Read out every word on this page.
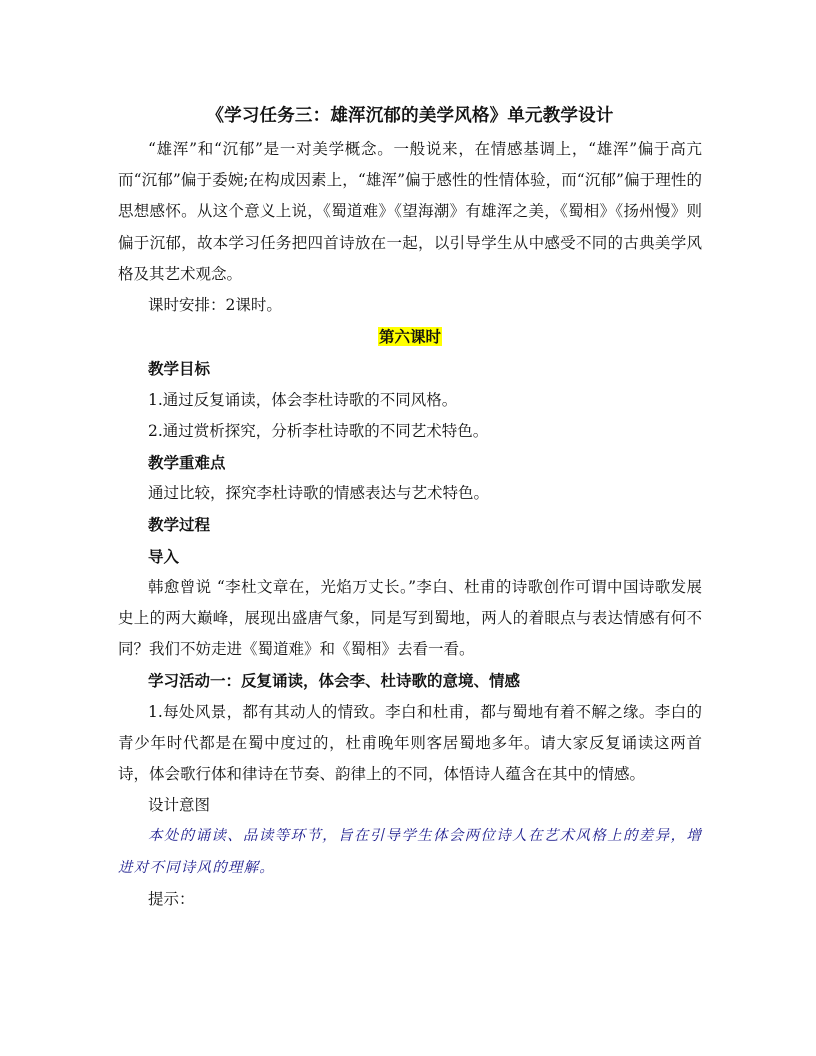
《学习任务三：雄浑沉郁的美学风格》单元教学设计

“雄浑”和“沉郁”是一对美学概念。一般说来，在情感基调上，“雄浑”偏于高亢而“沉郁”偏于委婉;在构成因素上，“雄浑”偏于感性的性情体验，而“沉郁”偏于理性的思想感怀。从这个意义上说，《蜀道难》《望海潮》有雄浑之美，《蜀相》《扬州慢》则偏于沉郁，故本学习任务把四首诗放在一起，以引导学生从中感受不同的古典美学风格及其艺术观念。

课时安排：2课时。

第六课时

教学目标

1.通过反复诵读，体会李杜诗歌的不同风格。

2.通过赏析探究，分析李杜诗歌的不同艺术特色。

教学重难点

通过比较，探究李杜诗歌的情感表达与艺术特色。

教学过程

导入

韩愈曾说 “李杜文章在，光焰万丈长。”李白、杜甫的诗歌创作可谓中国诗歌发展史上的两大巅峰，展现出盛唐气象，同是写到蜀地，两人的着眼点与表达情感有何不同？我们不妨走进《蜀道难》和《蜀相》去看一看。

学习活动一：反复诵读，体会李、杜诗歌的意境、情感

1.每处风景，都有其动人的情致。李白和杜甫，都与蜀地有着不解之缘。李白的青少年时代都是在蜀中度过的，杜甫晚年则客居蜀地多年。请大家反复诵读这两首诗，体会歌行体和律诗在节奏、韵律上的不同，体悟诗人蕴含在其中的情感。

设计意图

本处的诵读、品读等环节，旨在引导学生体会两位诗人在艺术风格上的差异，增进对不同诗风的理解。

提示：
